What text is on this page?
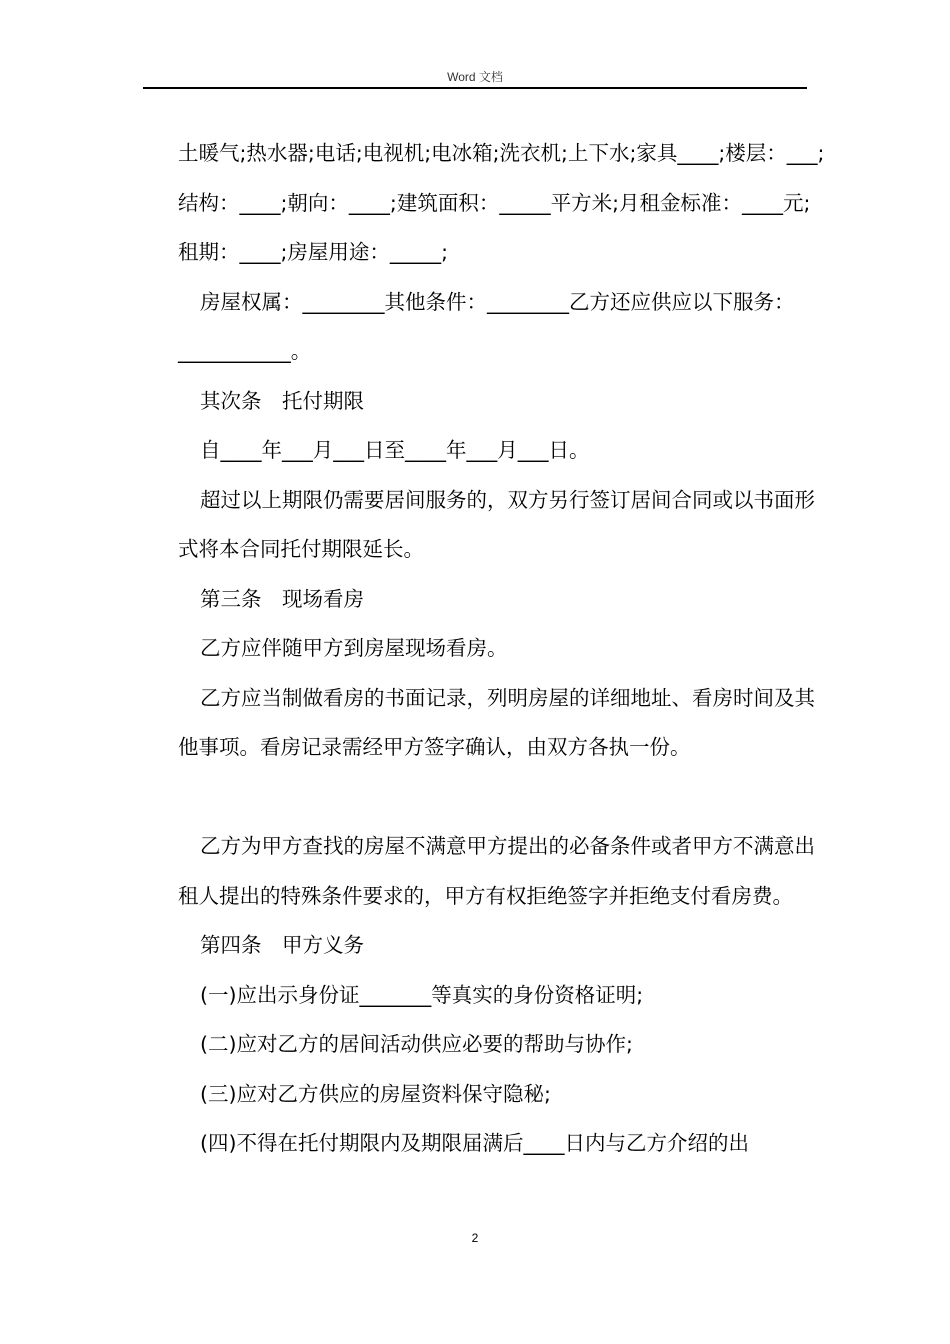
Word 文档

土暖气;热水器;电话;电视机;电冰箱;洗衣机;上下水;家具____;楼层：___;结构：____;朝向：____;建筑面积：_____平方米;月租金标准：____元;租期：____;房屋用途：_____;

房屋权属：________其他条件：________乙方还应供应以下服务：___________。

其次条　托付期限

自____年___月___日至____年___月___日。

超过以上期限仍需要居间服务的，双方另行签订居间合同或以书面形式将本合同托付期限延长。

第三条　现场看房

乙方应伴随甲方到房屋现场看房。

乙方应当制做看房的书面记录，列明房屋的详细地址、看房时间及其他事项。看房记录需经甲方签字确认，由双方各执一份。

乙方为甲方查找的房屋不满意甲方提出的必备条件或者甲方不满意出租人提出的特殊条件要求的，甲方有权拒绝签字并拒绝支付看房费。

第四条　甲方义务

(一)应出示身份证_______等真实的身份资格证明;

(二)应对乙方的居间活动供应必要的帮助与协作;

(三)应对乙方供应的房屋资料保守隐秘;

(四)不得在托付期限内及期限届满后____日内与乙方介绍的出

2
